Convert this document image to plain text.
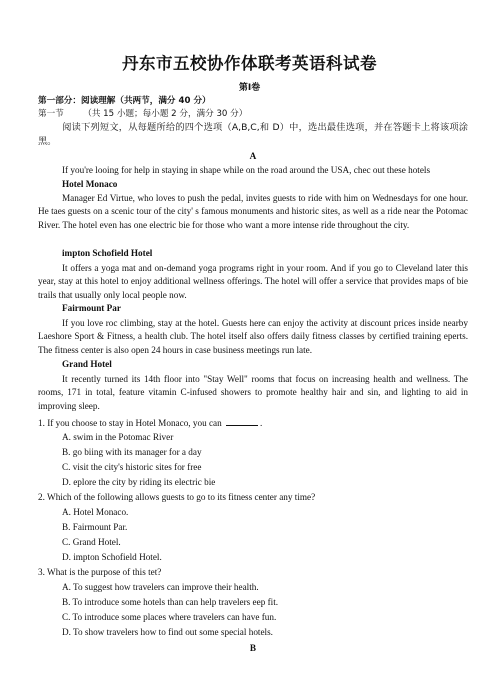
丹东市五校协作体联考英语科试卷
第Ⅰ卷
第一部分：阅读理解（共两节，满分 40 分）
第一节 （共 15 小题；每小题 2 分，满分 30 分）
阅读下列短文，从每题所给的四个选项（A,B,C,和 D）中，选出最佳选项，并在答题卡上将该项涂黑。
A
If you're looing for help in staying in shape while on the road around the USA, chec out these hotels
Hotel Monaco
Manager Ed Virtue, who loves to push the pedal, invites guests to ride with him on Wednesdays for one hour. He taes guests on a scenic tour of the city' s famous monuments and historic sites, as well as a ride near the Potomac River. The hotel even has one electric bie for those who want a more intense ride throughout the city.
impton Schofield Hotel
It offers a yoga mat and on-demand yoga programs right in your room. And if you go to Cleveland later this year, stay at this hotel to enjoy additional wellness offerings. The hotel will offer a service that provides maps of bie trails that usually only local people now.
Fairmount Par
If you love roc climbing, stay at the hotel. Guests here can enjoy the activity at discount prices inside nearby Laeshore Sport & Fitness, a health club. The hotel itself also offers daily fitness classes by certified training eperts. The fitness center is also open 24 hours in case business meetings run late.
Grand Hotel
It recently turned its 14th floor into "Stay Well" rooms that focus on increasing health and wellness. The rooms, 171 in total, feature vitamin C-infused showers to promote healthy hair and sin, and lighting to aid in improving sleep.
1. If you choose to stay in Hotel Monaco, you can	.
A. swim in the Potomac River
B. go biing with its manager for a day
C. visit the city's historic sites for free
D. eplore the city by riding its electric bie
2. Which of the following allows guests to go to its fitness center any time?
A. Hotel Monaco.
B. Fairmount Par.
C. Grand Hotel.
D. impton Schofield Hotel.
3. What is the purpose of this tet?
A. To suggest how travelers can improve their health.
B. To introduce some hotels than can help travelers eep fit.
C. To introduce some places where travelers can have fun.
D. To show travelers how to find out some special hotels.
B
